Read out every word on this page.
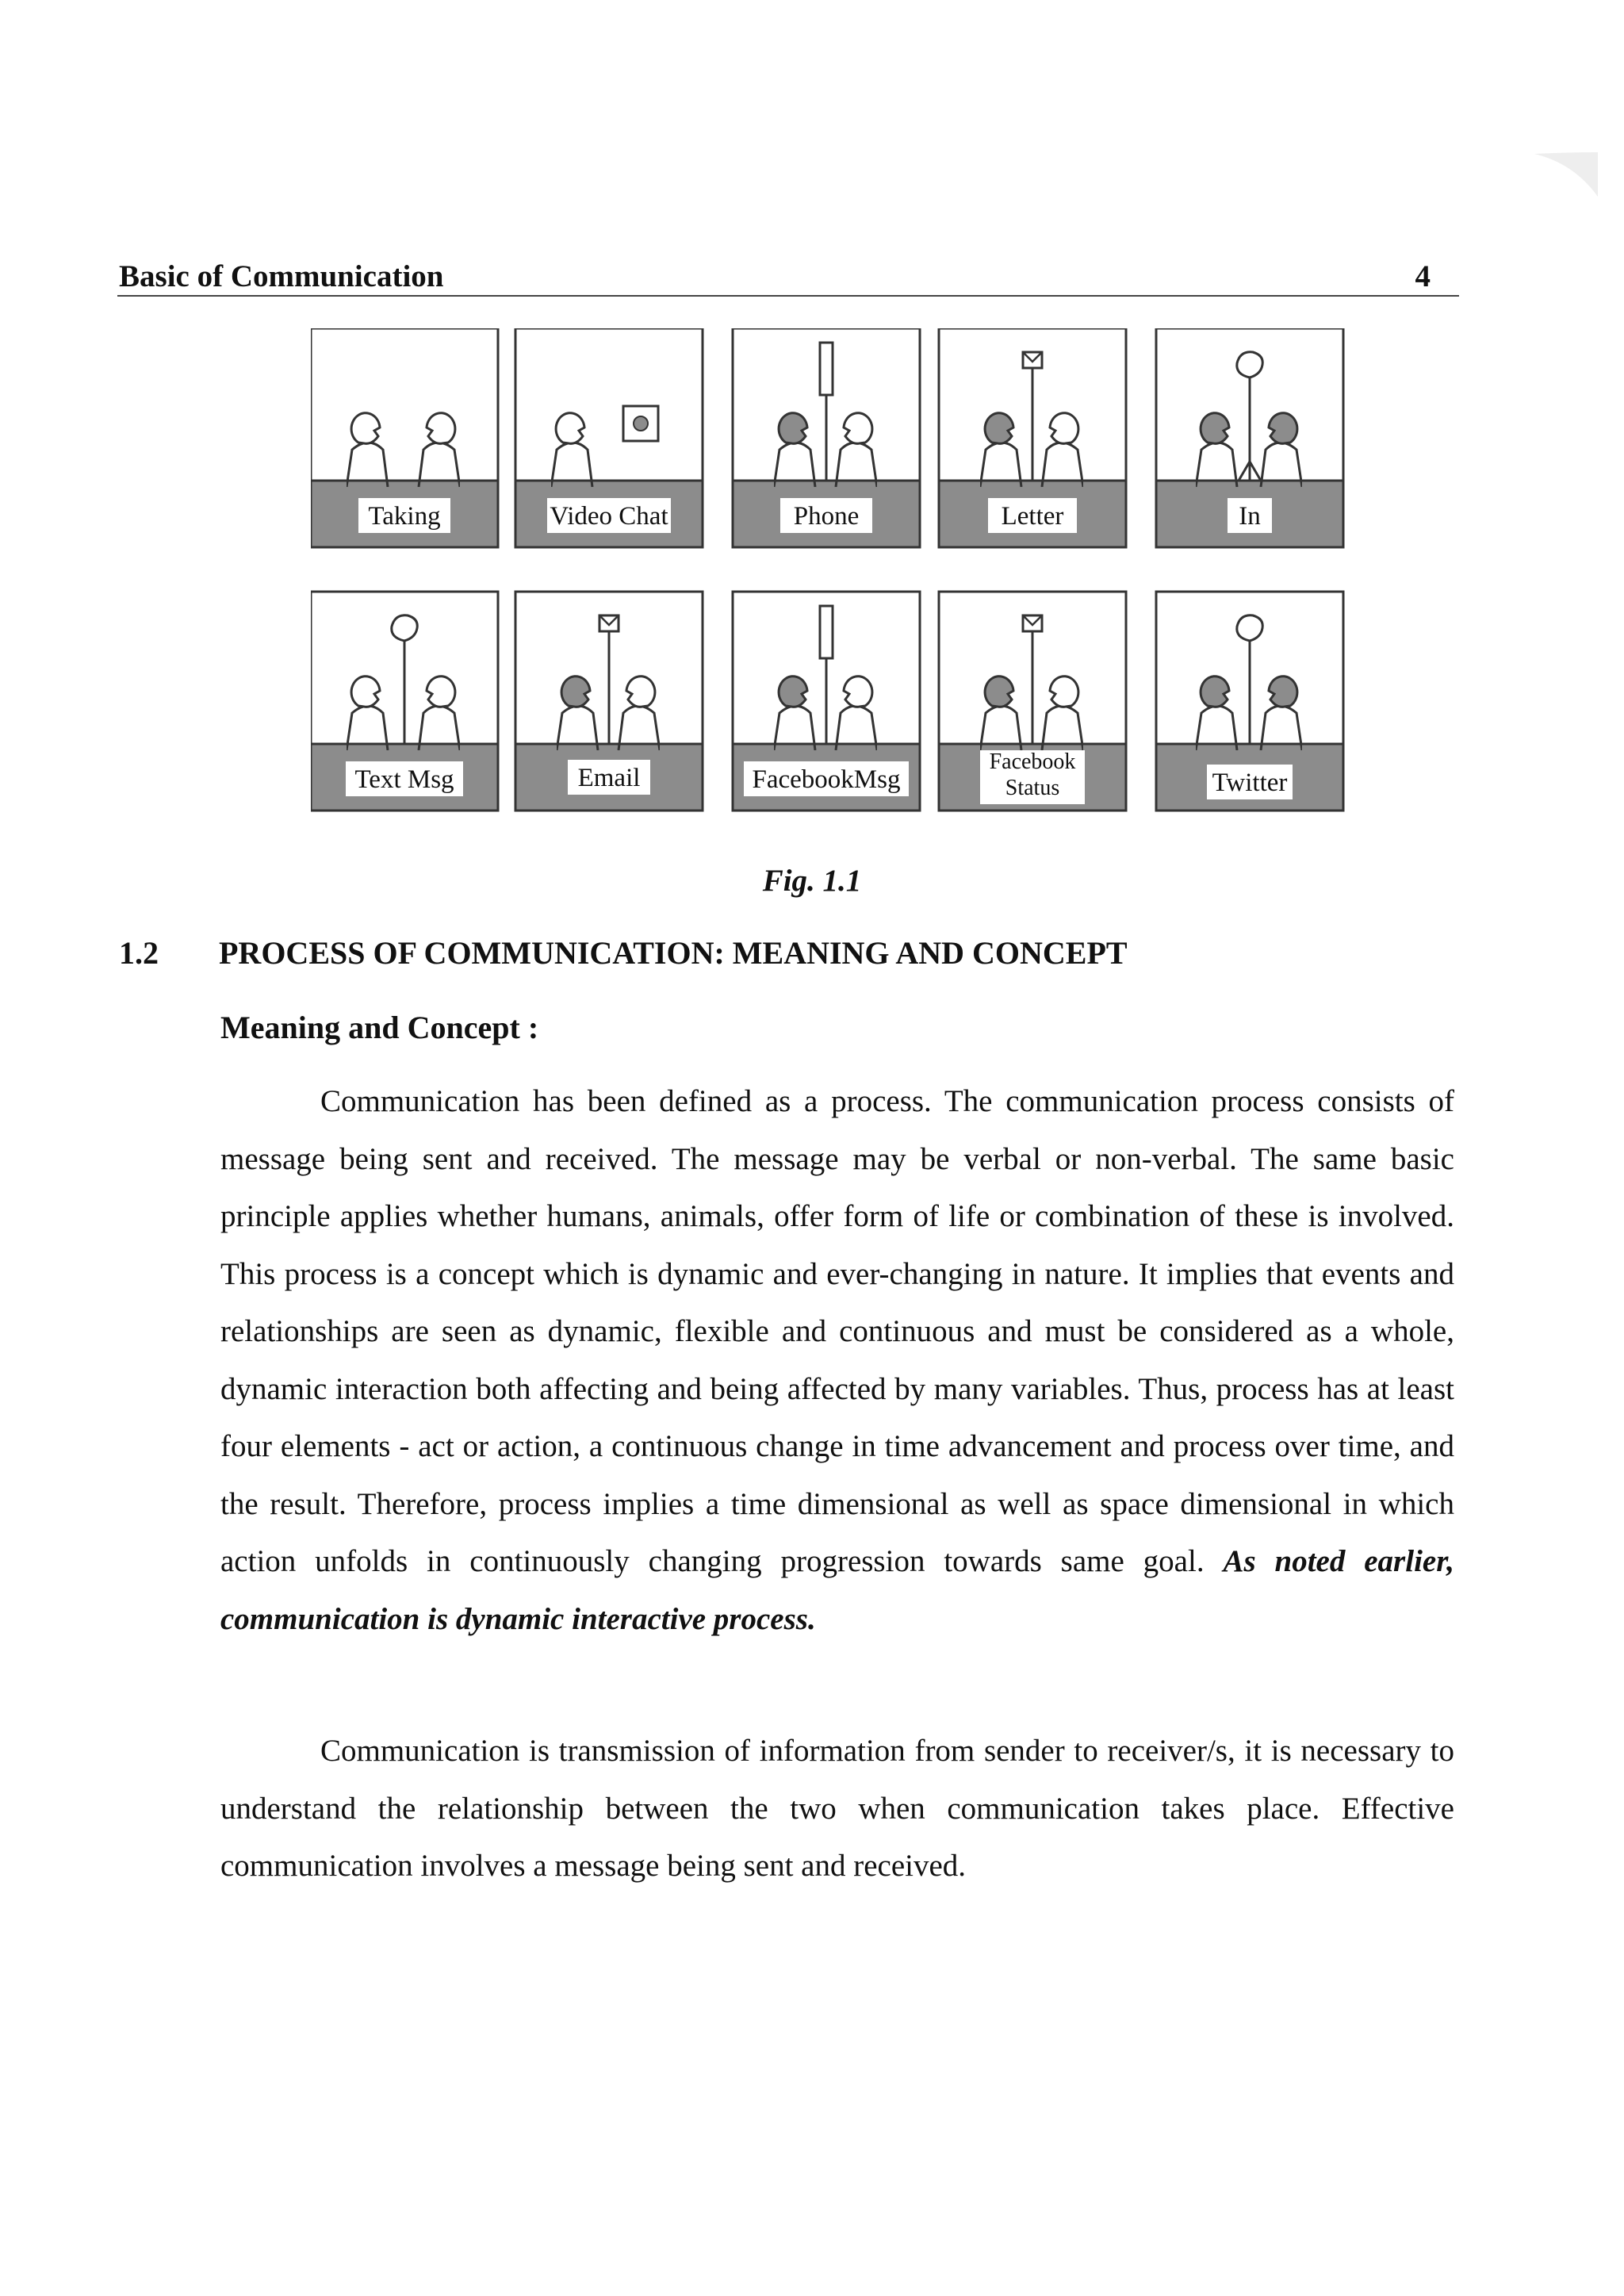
Basic of Communication	4
Taking	Video Chat	Phone	Letter	In
Text Msg	Email	FacebookMsg
Facebook Status	Twitter
Fig. 1.1
1.2 PROCESS OF COMMUNICATION: MEANING AND CONCEPT
Meaning and Concept :

Communication has been defined as a process. The communication process consists of message being sent and received. The message may be verbal or non-verbal. The same basic principle applies whether humans, animals, offer form of life or combination of these is involved. This process is a concept which is dynamic and ever-changing in nature. It implies that events and relationships are seen as dynamic, flexible and continuous and must be considered as a whole, dynamic interaction both affecting and being affected by many variables. Thus, process has at least four elements - act or action, a continuous change in time advancement and process over time, and the result. Therefore, process implies a time dimensional as well as space dimensional in which action unfolds in continuously changing progression towards same goal. As noted earlier, communication is dynamic interactive process.

Communication is transmission of information from sender to receiver/s, it is necessary to understand the relationship between the two when communication takes place. Effective communication involves a message being sent and received.
